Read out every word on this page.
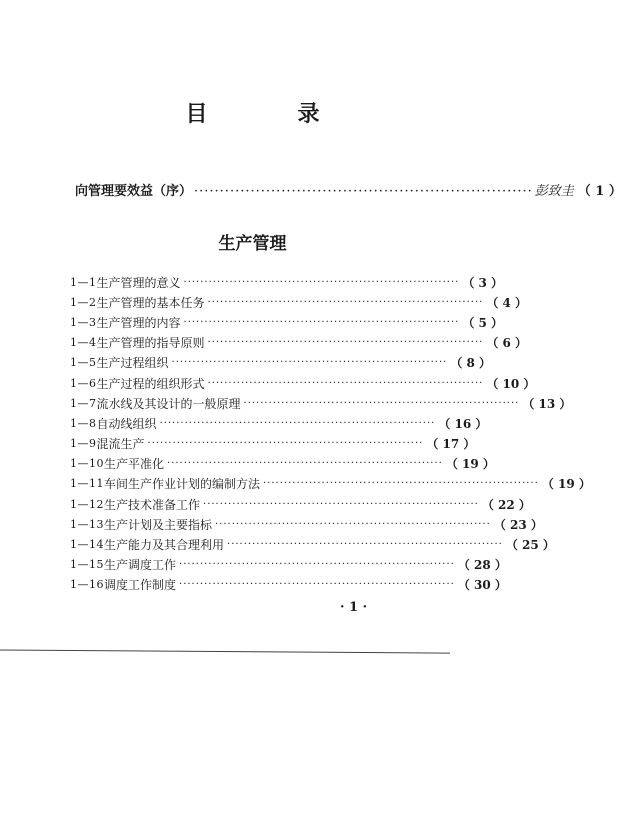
目　录
向管理要效益（序） ·································································· 彭致圭 （ 1 ）
生产管理
1—1 生产管理的意义 ·································································· （ 3 ）
1—2 生产管理的基本任务 ·································································· （ 4 ）
1—3 生产管理的内容 ·································································· （ 5 ）
1—4 生产管理的指导原则 ·································································· （ 6 ）
1—5 生产过程组织 ·································································· （ 8 ）
1—6 生产过程的组织形式 ·································································· （ 10 ）
1—7 流水线及其设计的一般原理 ·································································· （ 13 ）
1—8 自动线组织 ·································································· （ 16 ）
1—9 混流生产 ·································································· （ 17 ）
1—10 生产平准化 ·································································· （ 19 ）
1—11 车间生产作业计划的编制方法 ·································································· （ 19 ）
1—12 生产技术准备工作 ·································································· （ 22 ）
1—13 生产计划及主要指标 ·································································· （ 23 ）
1—14 生产能力及其合理利用 ·································································· （ 25 ）
1—15 生产调度工作 ·································································· （ 28 ）
1—16 调度工作制度 ·································································· （ 30 ）
· 1 ·
